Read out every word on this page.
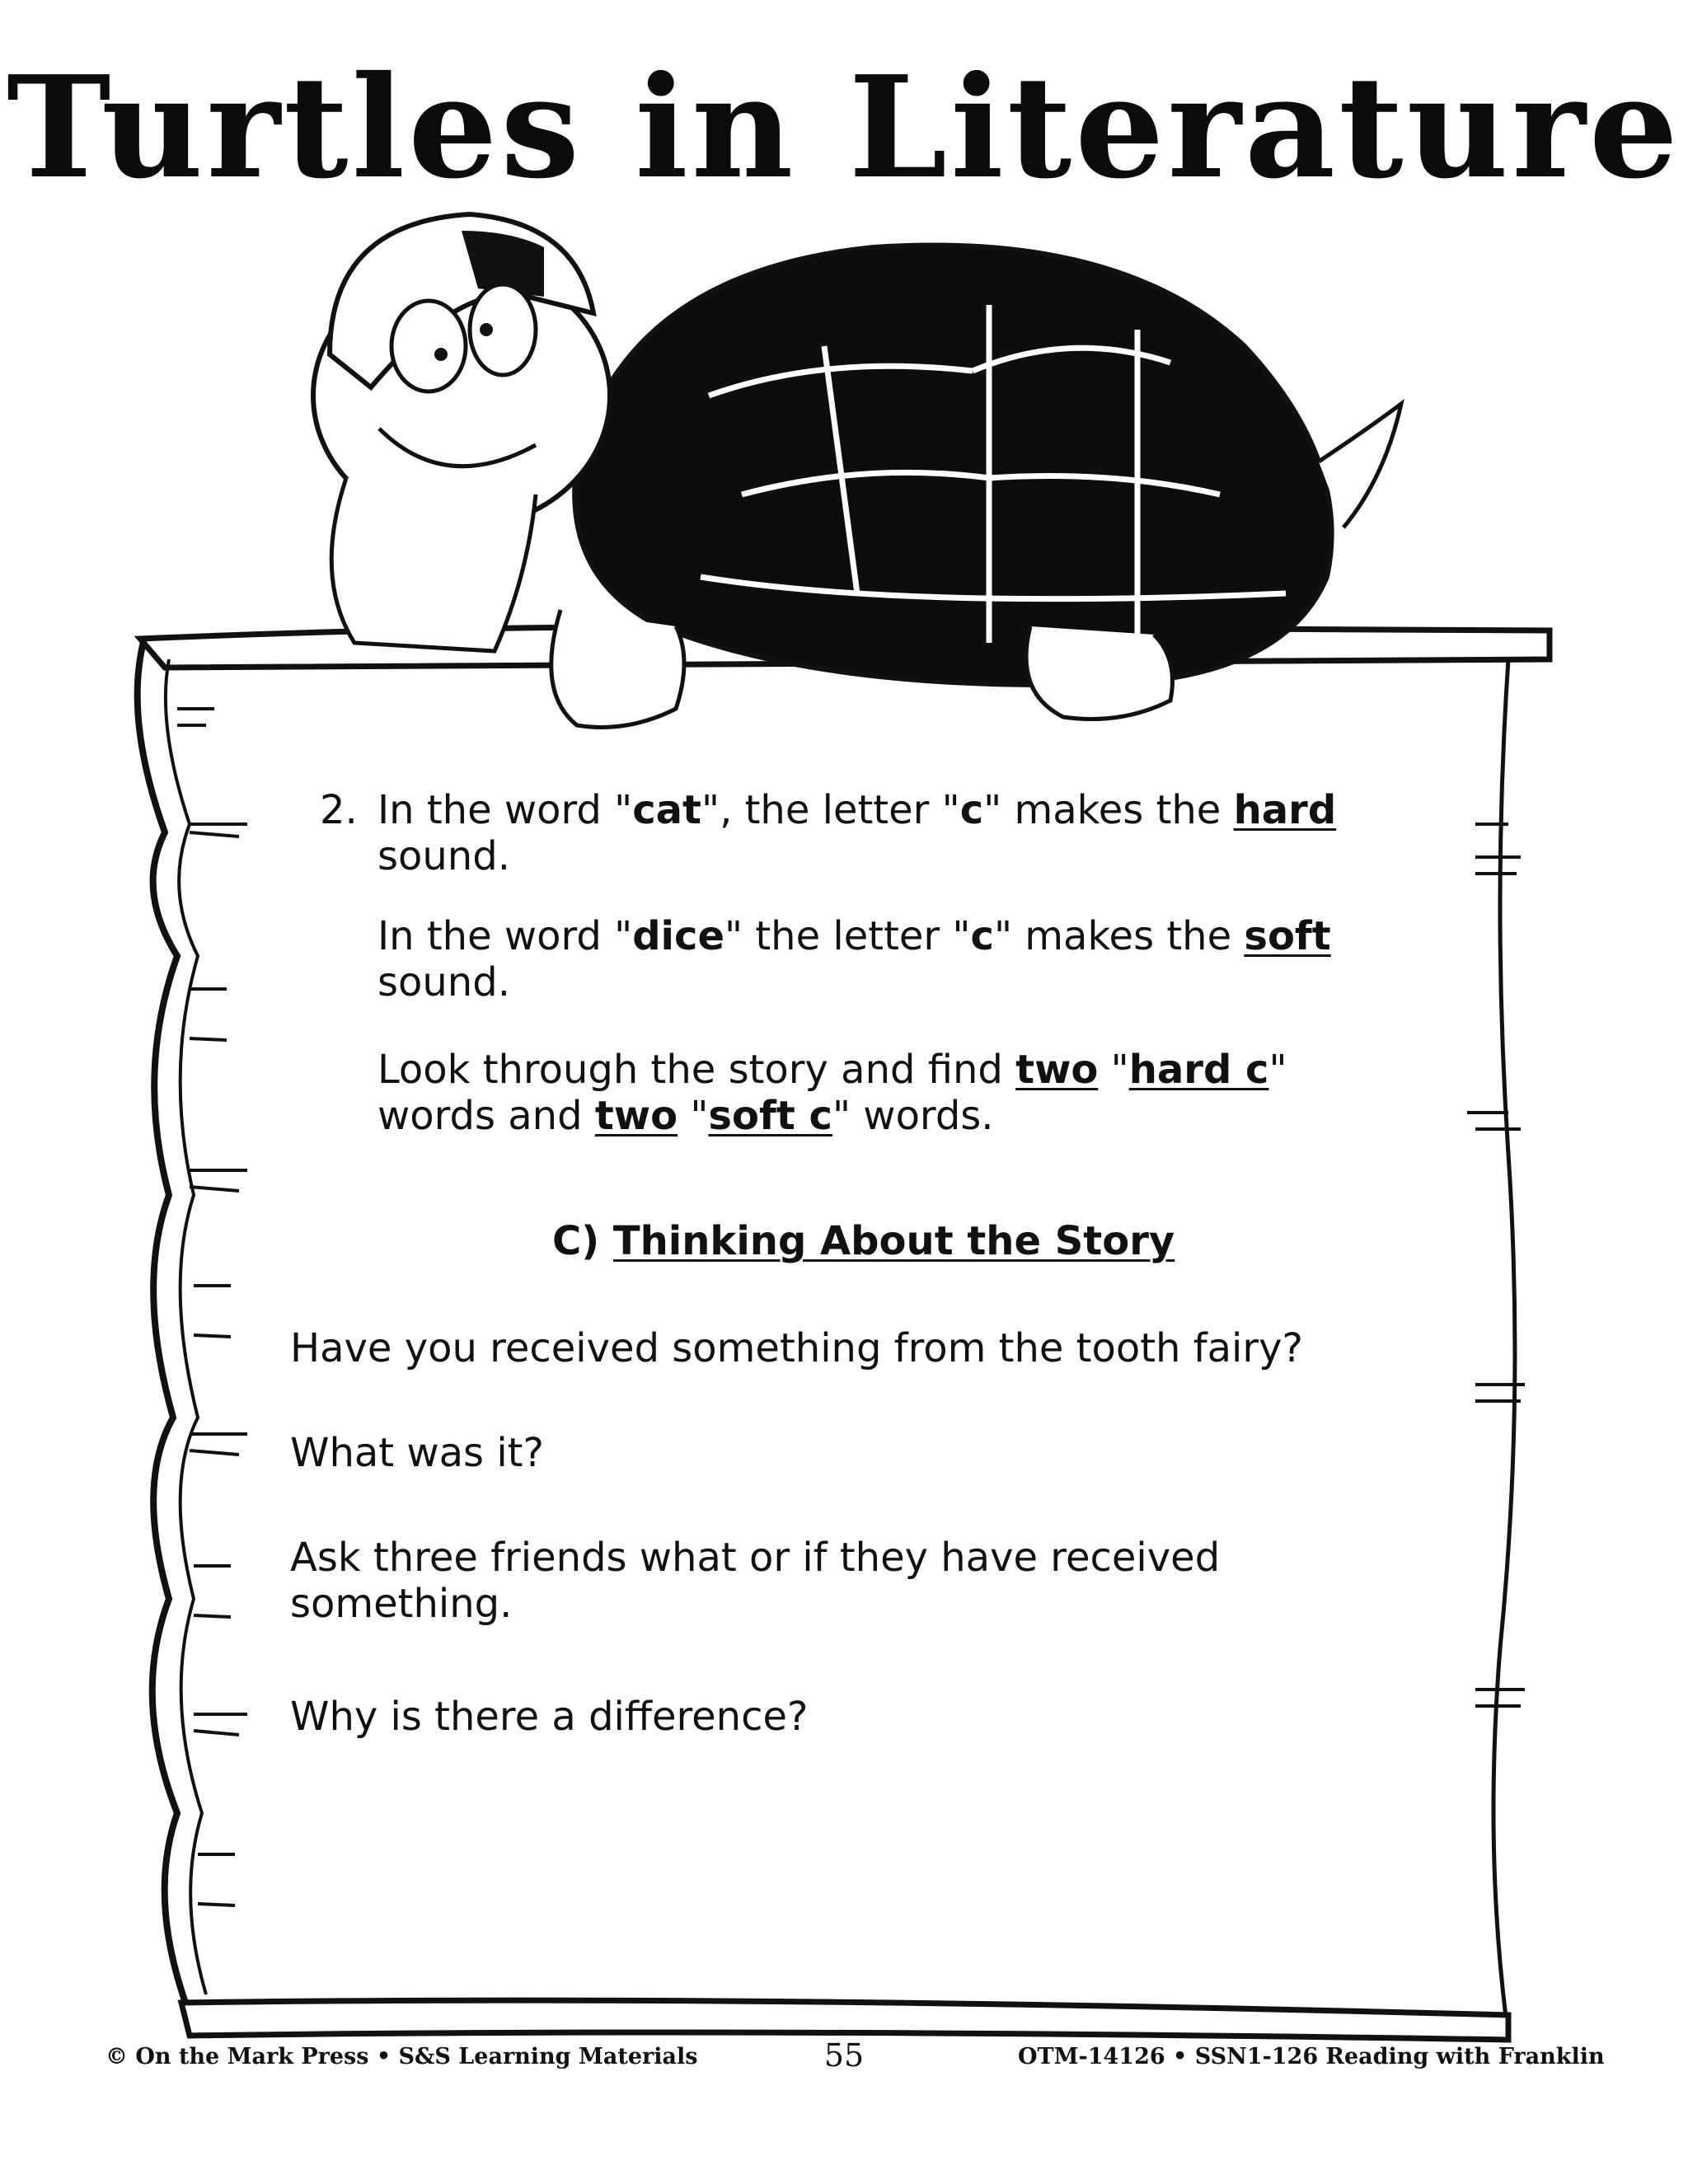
Turtles in Literature
2. In the word "cat", the letter "c" makes the hard sound.

In the word "dice" the letter "c" makes the soft sound.

Look through the story and find two "hard c" words and two "soft c" words.

C) Thinking About the Story

Have you received something from the tooth fairy?

What was it?

Ask three friends what or if they have received something.

Why is there a difference?

© On the Mark Press • S&S Learning Materials	55	OTM-14126 • SSN1-126 Reading with Franklin
